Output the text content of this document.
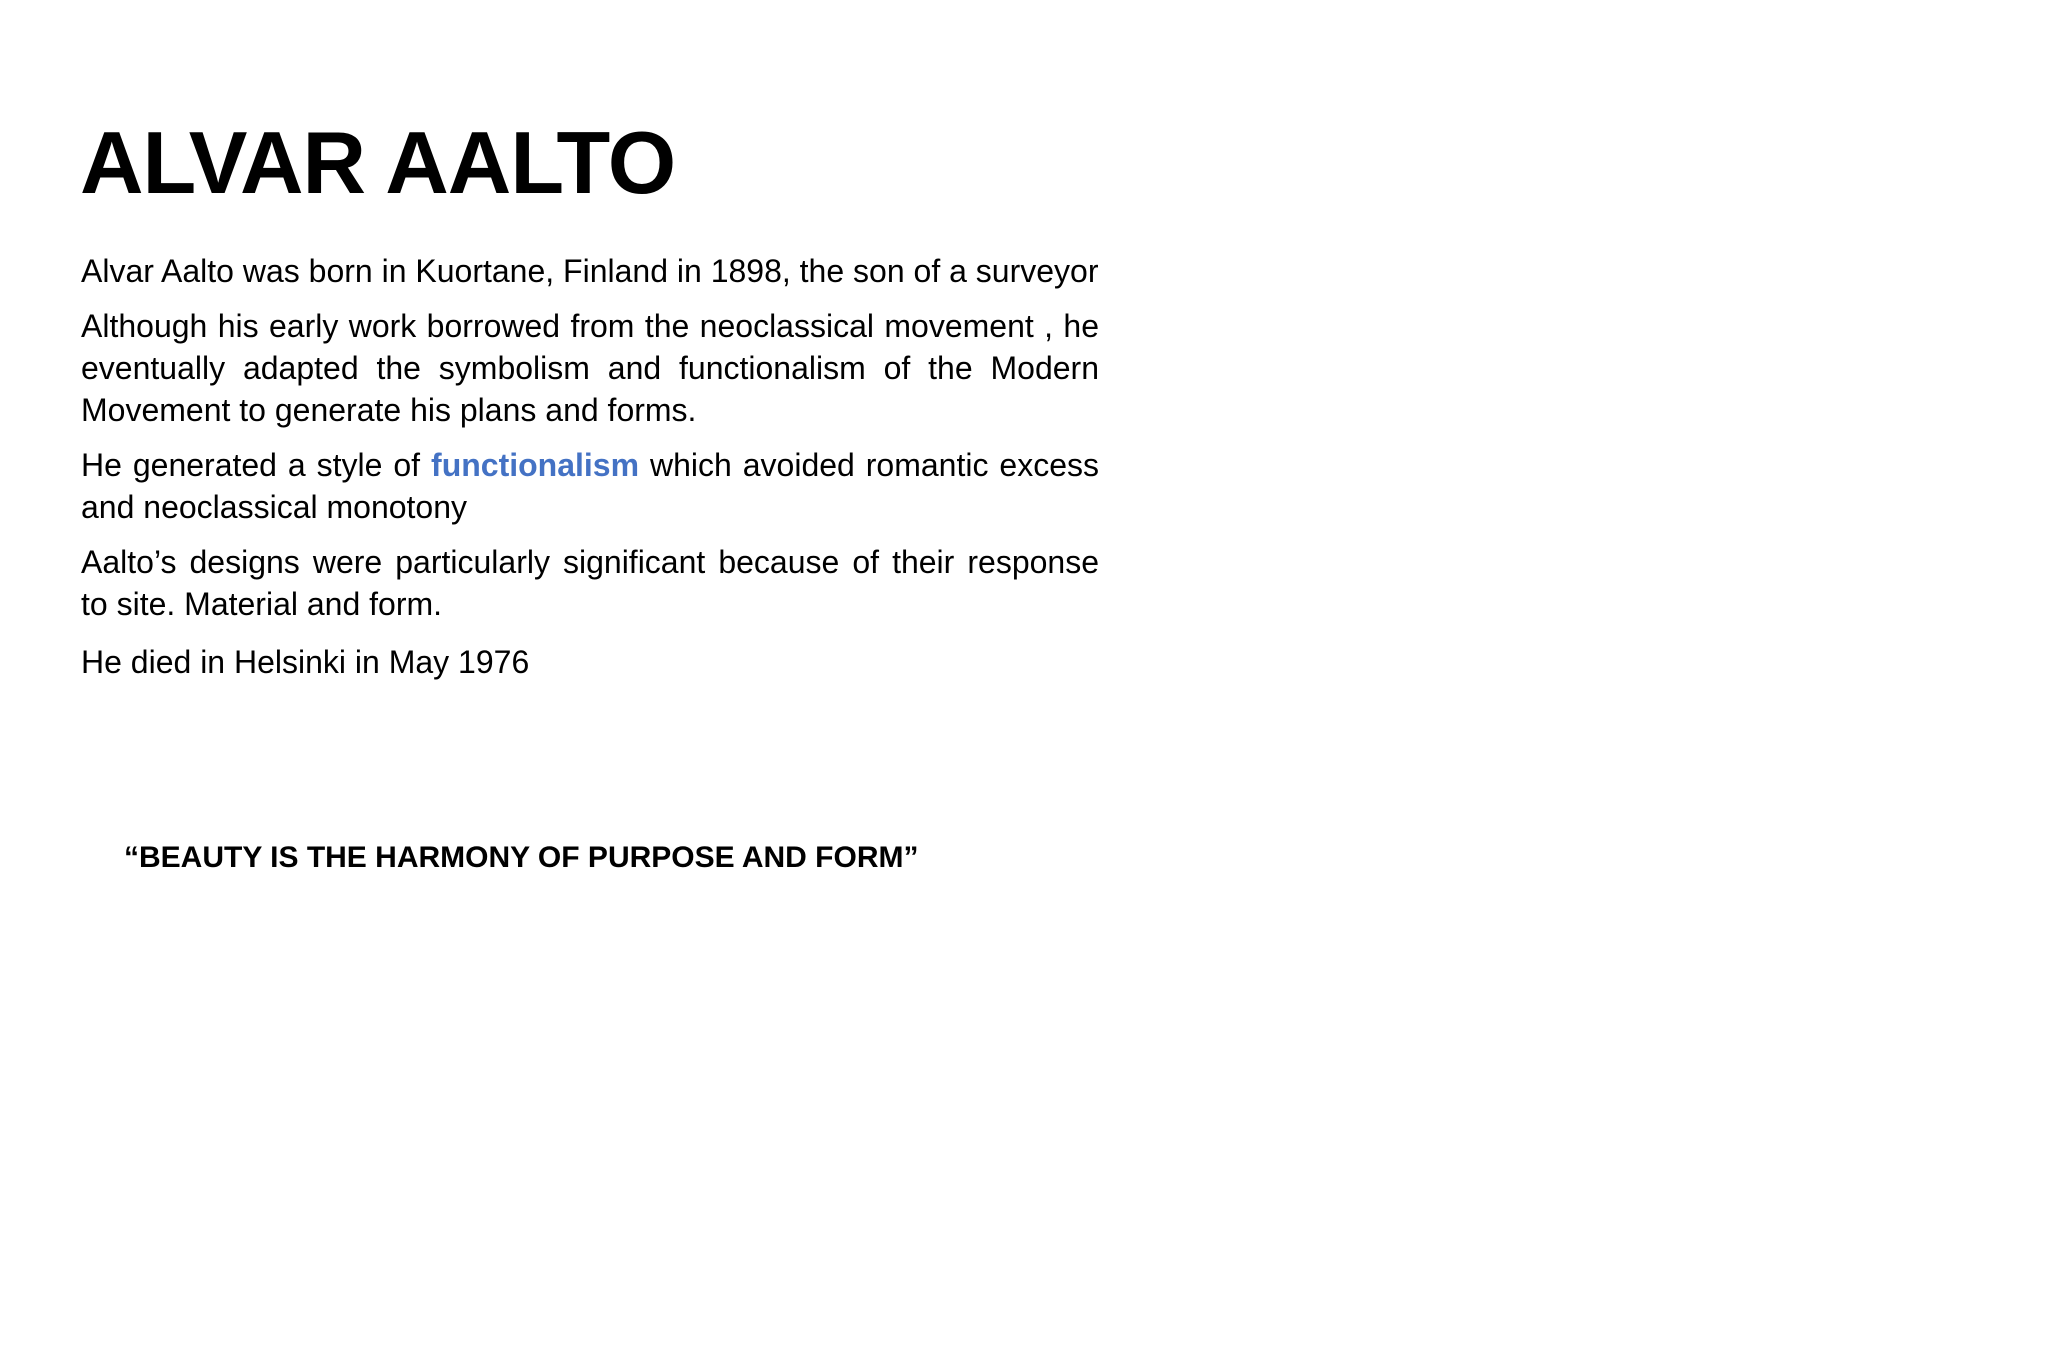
ALVAR AALTO

Alvar Aalto was born in Kuortane, Finland in 1898, the son of a surveyor

Although his early work borrowed from the neoclassical movement , he eventually adapted the symbolism and functionalism of the Modern Movement to generate his plans and forms.

He generated a style of functionalism which avoided romantic excess and neoclassical monotony

Aalto’s designs were particularly significant because of their response to site. Material and form.

He died in Helsinki in May 1976

“BEAUTY IS THE HARMONY OF PURPOSE AND FORM”
